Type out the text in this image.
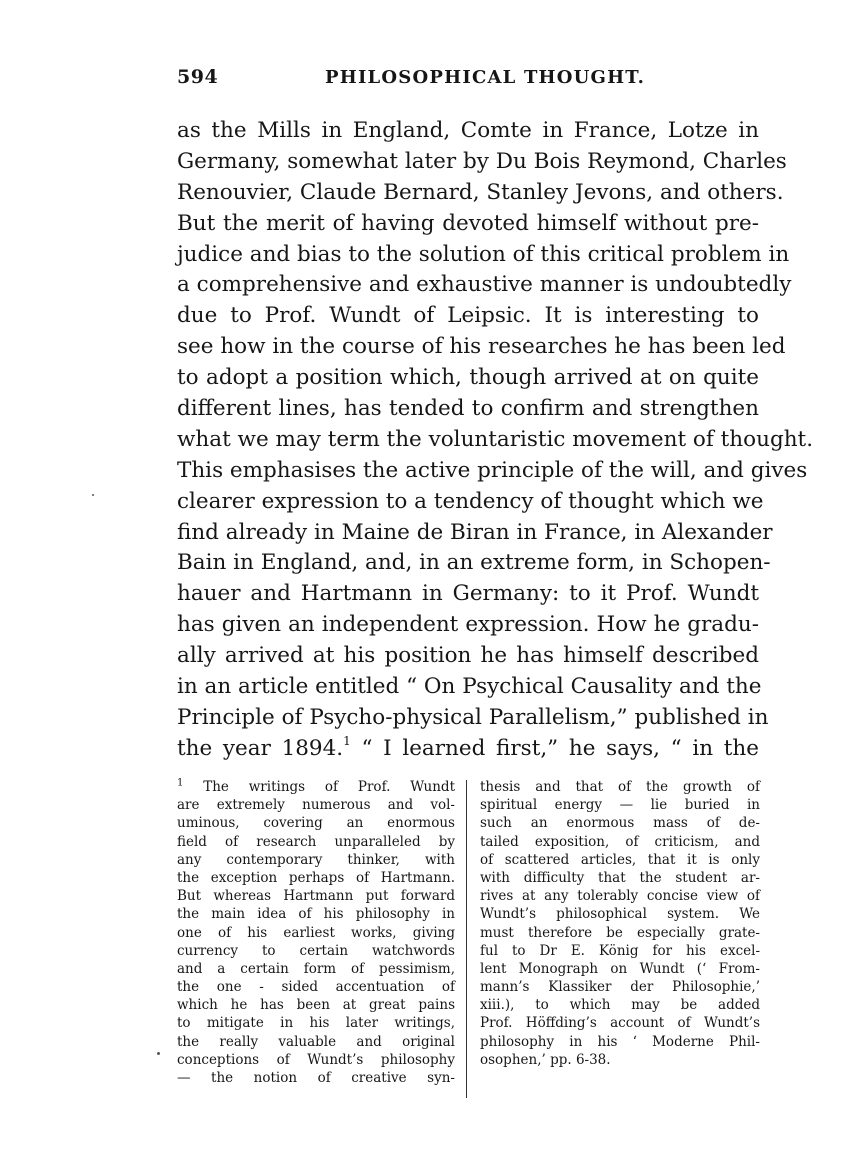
594	PHILOSOPHICAL THOUGHT.
as the Mills in England, Comte in France, Lotze in
Germany, somewhat later by Du Bois Reymond, Charles
Renouvier, Claude Bernard, Stanley Jevons, and others.
But the merit of having devoted himself without pre-
judice and bias to the solution of this critical problem in
a comprehensive and exhaustive manner is undoubtedly
due to Prof. Wundt of Leipsic. It is interesting to
see how in the course of his researches he has been led
to adopt a position which, though arrived at on quite
different lines, has tended to confirm and strengthen
what we may term the voluntaristic movement of thought.
This emphasises the active principle of the will, and gives
clearer expression to a tendency of thought which we
find already in Maine de Biran in France, in Alexander
Bain in England, and, in an extreme form, in Schopen-
hauer and Hartmann in Germany: to it Prof. Wundt
has given an independent expression. How he gradu-
ally arrived at his position he has himself described
in an article entitled “ On Psychical Causality and the
Principle of Psycho-physical Parallelism,” published in
the year 1894.$^1$ “ I learned first,” he says, “ in the
$^1$ The writings of Prof. Wundt
are extremely numerous and vol-
uminous, covering an enormous
field of research unparalleled by
any contemporary thinker, with
the exception perhaps of Hartmann.
But whereas Hartmann put forward
the main idea of his philosophy in
one of his earliest works, giving
currency to certain watchwords
and a certain form of pessimism,
the one - sided accentuation of
which he has been at great pains
to mitigate in his later writings,
the really valuable and original
conceptions of Wundt’s philosophy
— the notion of creative syn-
thesis and that of the growth of
spiritual energy — lie buried in
such an enormous mass of de-
tailed exposition, of criticism, and
of scattered articles, that it is only
with difficulty that the student ar-
rives at any tolerably concise view of
Wundt’s philosophical system. We
must therefore be especially grate-
ful to Dr E. König for his excel-
lent Monograph on Wundt (‘ From-
mann’s Klassiker der Philosophie,’
xiii.), to which may be added
Prof. Höffding’s account of Wundt’s
philosophy in his ‘ Moderne Phil-
osophen,’ pp. 6-38.
